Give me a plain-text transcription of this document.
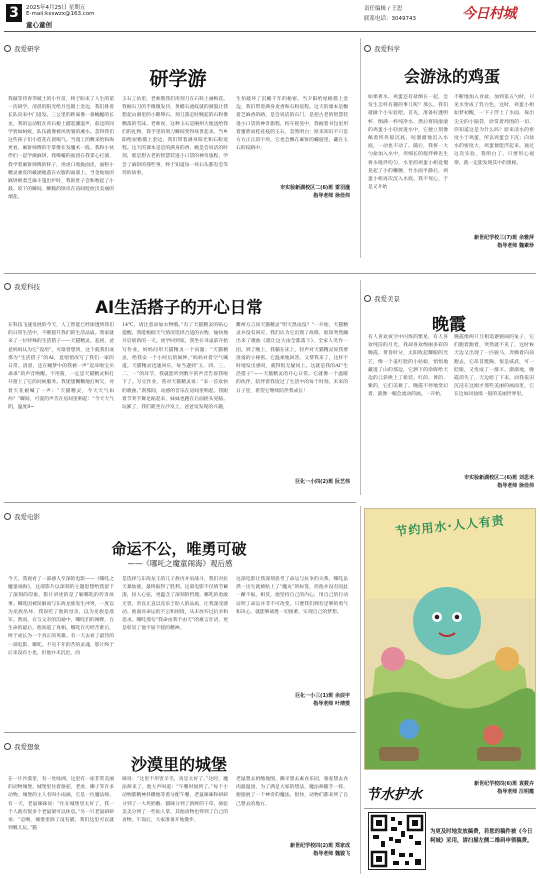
3	2025年4月25日 星期五
E-mail:kxswzx@163.com
童心童创
责任编辑 / 王思
联系电话：3049743	今日村城
我爱研学
研学游
我做等待春笋破土的小竹苗，终于盼来了人生的第一次研学。清晨的阳光给月包镀上金边，我们排着长队向来中门进发。三公里的距离像一条蜿蜒的长龙，我的运动鞋在青石板上踏起潮湿声，前边的同学犹如蚂蚁，队伍就像被风吹皱的溪水。忽得我们这些孩子们小霓花在晨喝气。当漫工的敷来给和海更看，麻饼师傅的手掌像在发魔术一般。我和小伙伴们一起学做麻饼，我唏嘘的面团在我掌心打滚，我学着麻饼师傅的样子，用虎口收拢面皮，面粉小精灵顽皮的蔽涵地落在衣服的面部上。当金灿灿的麻饼被着芝麻斗篷出炉时，我的肚子会和咆起了小鼓。咬下的瞬间，酥脆的饼皮在齿间绽放出美丽的烟花。
玉石工坊里，老师教我们用刻刀在石料上画梅花。我握石刀的手微微发抖，黄蜡石流纹就的颜貌让我想起山涧里的小鹅卵石。刻刀游走时腕起的石粉像飘落的雪沫。老师说，这种玉石是阑州大地送给我们的礼物，我手里的刻刀瞬间变得珍贵起来。当乡阳给屋檐描上金边，我们带着满身阳光和石粉返程。这天的课本是是的满身的香，她是会说话的时刻，那是想古老的智慧装进小口袋的神奇旅程，学会了麻饼的那些事，终于知道每一块石头都有会等待的故事。
生怕破坏了沉睡千年的秘密。当夕阳给屋檐描上金边，我们带着满身麦香和石粉返程。这天的课本是飘着芝麻香的路，是会说话的石门，是把古老的智慧装进小口袋的神奇旅程。校车摇晃中，我握着书包里用着蜜蔗而桂花枝的玉石，忽然明白：原来知识不只是方方正正的字块，它也会飘在麻饼的螺旋里，藏在玉石的纹路中。
市实验新湖校区二(6)班 雷羽潼
指导老师 徐佳伟
我爱科学
会游泳的鸡蛋
如果将水、鸡蛋还有盐倒在一起，会发生怎样有趣的事儿呢？那么，我们就做个小实验吧。首先，准备好透明杯、倒满一杯纯净水、然后将圆滚滚的鸡蛋小小轻放进水中，它便立刻像佩着铁块般沉底，咕溜溜地沉入水底，一动也不动了。随后，我将一大勺盐加入水中，用细长的搅拌棒先生将水搅拌均匀，水里的鸡蛋小姐竟慢晃起了小的懒腰，竹水面平静后，鸡蛋小姐再次沉入水底。我不死心，于是又开始
不断地加入食盐，加到第五勺时，只见水变成了乳白色，这时，鸡蛋小姐如梦初醒，一下子浮上了水面，探出尖尖的小脑袋，欣赏着周围的一切。你知道这是为什么吗？原来清水的密度小于鸡蛋，所以鸡蛋会下沉；向盐水的密度大，鸡蛋便能浮起来。通过这次实验，我明白了，只要用心观察，就一定能发现其中的奥秘。
新世纪学校三(7)班 余雅萍
指导老师 魏素珍
我爱科技
AI生活搭子的开心日常
在科技飞速发展的今天，人工智能已经渗透到我们的日常生活中，不断提升我们的生活品质。我家就来了一位特殊的生活搭子——天猫精灵。起初，爸爸妈妈认为它“没用”，可谁曾想到，这个就我们成那为“生活搭子”的AI，竟悄悄改写了我们一家的日常。清晨，还在睡梦中的我被一声“起床啦宝贝乖乖”的声音唤醒。不用猜，一定是天猫精灵和打开窗上了它的问候服务。我迷迷糊糊地打呵欠，对着天花板喊了一声：“天猫精灵，今天天气如何？”瞬间，可爱的声音在房间里响起：“今天天气阴，温度8~
14℃，请注意添加衣物哦。”有了天猫精灵的贴心提醒，我能根据天气情况选择合适的衣物，愉快地开启崭新的一天。放学回到家，我坐在书桌前开始写作业。妈妈问用天猫精灵一个问题：“天猫精灵，给我安一个小时后的闹钟。”妈妈对着空气喊道。天猫精灵迅速回应。每当遇到“五、四、三、二、一”的环节，我就能听到数字的声音告诉我啦下了。写完作业，我对天猫精灵说：“来一首欢快的歌曲。”刹那间，动感的音乐在房间里响起。我跟着节奏手舞足蹈起来，妹妹也跑在后面摇头晃脑。玩累了，我们就坐在沙发上，爸爸发发现的兴趣，
衢州方言同天猫精灵“明天黑雨没？”一开始，天猫精灵并没有回应，我们认为它出现了故障，谁知突然蹦出来了歌曲《就让这大雨全都落下》，全家人笑作一团。到了晚上，我躺在床上，轻声对天猫精灵说我要准备的小秘密。它温柔地回答，又帮我来了，这样不时地发出感叹，就得很无疑问上。这就是我的AI“生活搭子”——天猫精灵的开心日常。它就像一个温暖的伙伴，陪伴着我度过了生活中的每个时刻，未来的日子里，希望它继续陪伴我成长！
巨化一小四(2)班 阮艺伟
我爱美景
晚霞
有人喜欢夜空中闪烁的繁星，有人喜欢纯洁的月光，我却喜欢绚丽多彩的晚霞。黄昏时分，太阳收起耀眼的光芒，像一个羞红脸的小姑娘，悄悄地藏进了山的那边，它洒下的余晖给天边的云彩换上了新装。红的、黄的、紫的，它们美极了。晚霞不停地变幻着，就像一幅会流动的画。一开始，
晚霞像两只互相追逐嬉闹的兔子，它们跑着跑着，突然就不见了，这时候天边又出现了一匹骏马，奔腾着向前跑去，它昂首挺胸，很是威武，可一眨眼，又变成了一群羊。渐渐地，晚霞消失了，天边暗了下来，而我依旧沉浸在这刚才那些美丽的画面里，它在这如同仙境一般的美丽世界里。
市实验新湖校区二(6)班 刘思米
指导老师 徐佳伟
我爱电影
命运不公，唯勇可破
——《哪吒之魔童闹海》观后感
今天，我观看了一部感人至深的电影——《哪吒之魔童闹海》，这部影片以深刻的主题思想给我留下了深刻的印象。影片讲述的是了解哪吒的传奇故事。哪吒因被误解而与东海龙族发生冲突，一度以为龙族吊坏，我误吃了他的母亲，以为龙族是敌军。然而，在与父亲的沟通中，哪吒们的阐释，在生命的最后，他知道了真相。哪吒在历经苦难后，终于成长为一个真正的英雄。有一天去看了最热的一部电影，哪吒。不见千年的苦的灵魂，影片终于后来没有小也，但他并未沉沦，而
是选择与东海龙王的儿子敖丙并肩战斗，我们对抗天暴仙族，最终取得了胜利。这部电影不仅情节紧凑，扣人心弦，更蕴含了深刻的哲理。哪吒的勇敢无畏，善良正直以及乐于助人的品质，让我深受感动。他面对命运的不公和困境，从未放弃过抗争和追求。哪吒那句“我命由我不由天”的豪言壮语，更是彰显了他不屈不挠的精神。
这部电影让我深刻思考了命运与抗争的关系。哪吒虽然一出生就被贴上了“魔丸”的标签，但他并没有因此一蹶不振。相反，他坚持自己的内心，用自己的行动证明了命运并非不可改变。只要我们拥有足够的勇气和决心，就能够战胜一切困难，实现自己的梦想。
巨化一小三(1)班 余辰宇
指导老师 叶靖雯
我爱想象
沙漠里的城堡
在一片沙漠里，有一处绿洲，这里有一座非常美丽的动物城堡。城堡里住着骆驼、老虎、狮子等许多动物。城堡的主人名叫小雨滴，它是一位魔法师。有一天，老鼠咪咪说：“住在城堡里太好了，我一个人就有很多个老鼠洞可以休息。”另一只老鼠研研说：“是啊，城堡里除了没有猫，我们这里可以就到哪儿玩。”猫
咪说：“这里不用害羊毛，真是太好了。”这时，魔法师来了，他大声叫道：“午餐时间到了。”每个小动物都精神抖擞地等着分配午餐，老鼠咪咪和研研分到了一大块奶酪，猫咪分到了新鲜的干草，骆驼美美分到了一些仙人掌，其他动物也得到了自己的食物。午饭后，大家准备开始散步，
老鼠想去奶酪地图，狮羊想去素食乐园，骆驼想去食肉器温园，为了满足大家的想法，魔法师随手一挥，便施展了一个神奇的魔法，很快，动物们都来到了自己想去的地方。
新世纪学校四(2)班 郑家成
指导老师 魏骏飞
节约用水·人人有责
节水护水
新世纪学校四(6)班 袁筱卉
指导老师 汪明霞
为更及时地发放稿费，若您的稿件被《今日柯城》采用，请扫描左侧二维码申领稿费。
